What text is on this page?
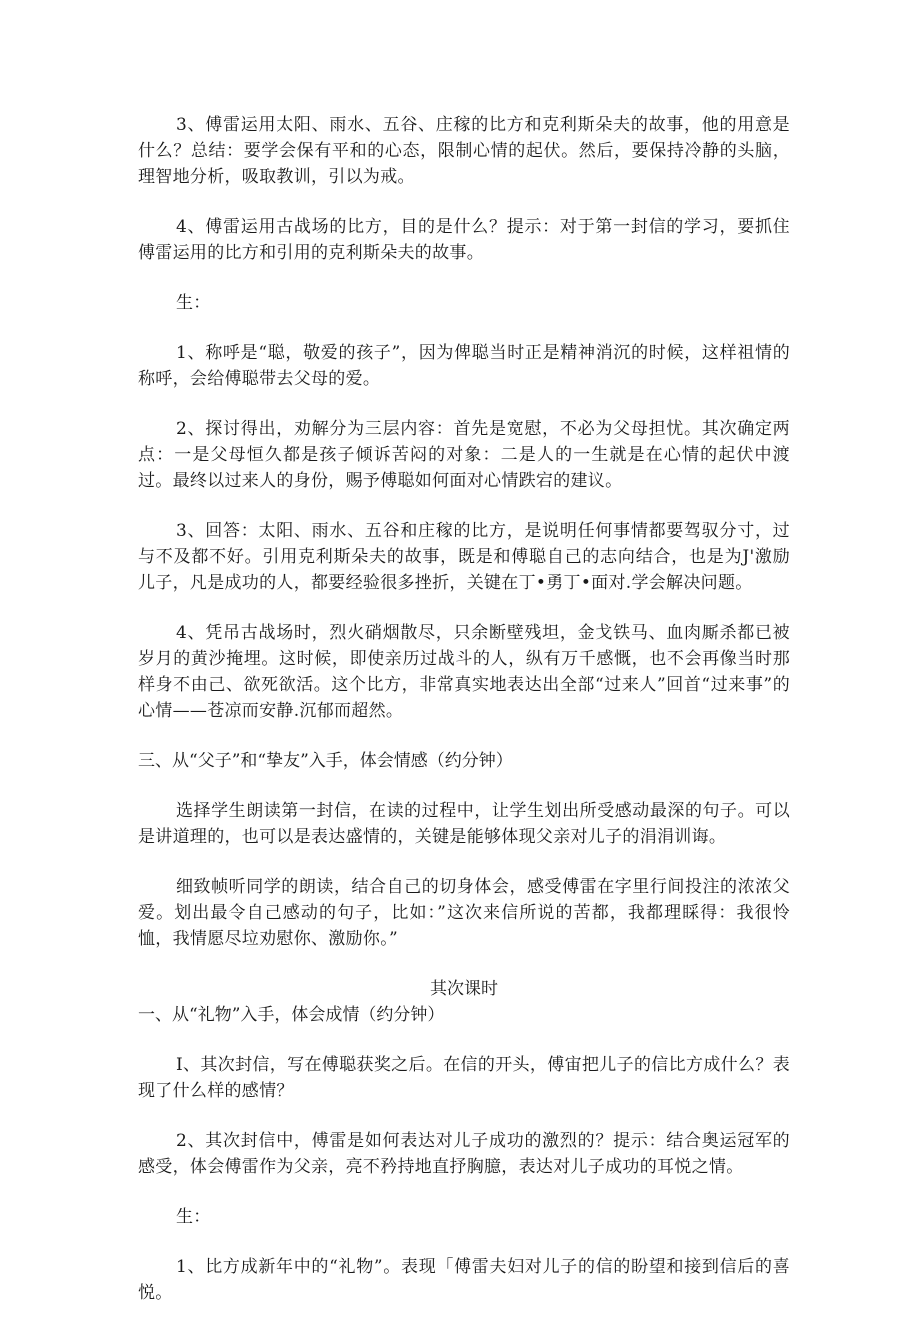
3、傅雷运用太阳、雨水、五谷、庄稼的比方和克利斯朵夫的故事，他的用意是什么？总结：要学会保有平和的心态，限制心情的起伏。然后，要保持冷静的头脑，理智地分析，吸取教训，引以为戒。

4、傅雷运用古战场的比方，目的是什么？提示：对于第一封信的学习，要抓住傅雷运用的比方和引用的克利斯朵夫的故事。

生：

1、称呼是“聪，敬爱的孩子”，因为俾聪当时正是精神消沉的时候，这样祖情的称呼，会给傅聪带去父母的爱。

2、探讨得出，劝解分为三层内容：首先是宽慰，不必为父母担忧。其次确定两点：一是父母恒久都是孩子倾诉苦闷的对象：二是人的一生就是在心情的起伏中渡过。最终以过来人的身份，赐予傅聪如何面对心情跌宕的建议。

3、回答：太阳、雨水、五谷和庄稼的比方，是说明任何事情都要驾驭分寸，过与不及都不好。引用克利斯朵夫的故事，既是和傅聪自己的志向结合，也是为J'激励儿子，凡是成功的人，都要经验很多挫折，关键在丁•勇丁•面对.学会解决问题。

4、凭吊古战场时，烈火硝烟散尽，只余断壁残坦，金戈铁马、血肉厮杀都已被岁月的黄沙掩埋。这时候，即使亲历过战斗的人，纵有万千感慨，也不会再像当时那样身不由己、欲死欲活。这个比方，非常真实地表达出全部“过来人”回首“过来事”的心情——苍凉而安静.沉郁而超然。

三、从“父子”和“挚友”入手，体会情感（约分钟）

选择学生朗读第一封信，在读的过程中，让学生划出所受感动最深的句子。可以是讲道理的，也可以是表达盛情的，关键是能够体现父亲对儿子的涓涓训诲。

细致帧听同学的朗读，结合自己的切身体会，感受傅雷在字里行间投注的浓浓父爱。划出最令自己感动的句子，比如：”这次来信所说的苦都，我都理睬得：我很怜恤，我情愿尽垃劝慰你、激励你。”

其次课时

一、从“礼物”入手，体会成情（约分钟）

I、其次封信，写在傅聪获奖之后。在信的开头，傅宙把儿子的信比方成什么？表现了什么样的感情？

2、其次封信中，傅雷是如何表达对儿子成功的激烈的？提示：结合奥运冠军的感受，体会傅雷作为父亲，亮不矜持地直抒胸臆，表达对儿子成功的耳悦之情。

生：

1、比方成新年中的“礼物”。表现「傅雷夫妇对儿子的信的盼望和接到信后的喜悦。
